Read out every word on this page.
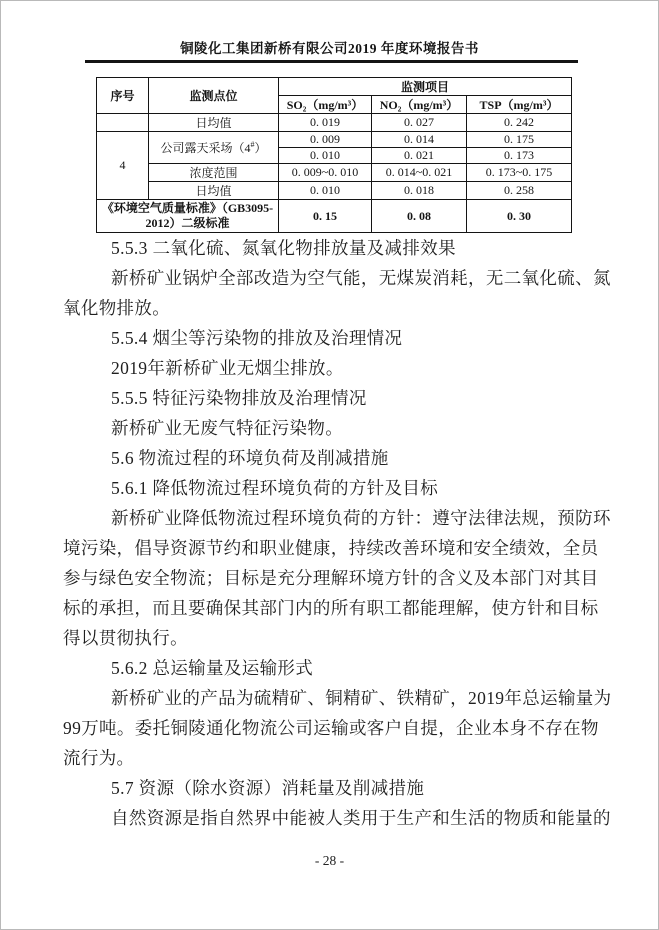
铜陵化工集团新桥有限公司2019 年度环境报告书
序号	监测点位	监测项目		
		SO₂（mg/m³）	NO₂（mg/m³）	TSP（mg/m³）
	日均值	0. 019	0. 027	0. 242
4	公司露天采场（4#）	0. 009	0. 014	0. 175
		0. 010	0. 021	0. 173
	浓度范围	0. 009~0. 010	0. 014~0. 021	0. 173~0. 175
	日均值	0. 010	0. 018	0. 258

《环境空气质量标准》（GB3095-
2012）二级标准		0. 15	0. 08	0. 30
5.5.3 二氧化硫、氮氧化物排放量及减排效果
新桥矿业锅炉全部改造为空气能，无煤炭消耗，无二氧化硫、氮
氧化物排放。
5.5.4 烟尘等污染物的排放及治理情况
2019年新桥矿业无烟尘排放。
5.5.5 特征污染物排放及治理情况
新桥矿业无废气特征污染物。
5.6 物流过程的环境负荷及削减措施
5.6.1 降低物流过程环境负荷的方针及目标
新桥矿业降低物流过程环境负荷的方针：遵守法律法规，预防环
境污染，倡导资源节约和职业健康，持续改善环境和安全绩效，全员
参与绿色安全物流；目标是充分理解环境方针的含义及本部门对其目
标的承担，而且要确保其部门内的所有职工都能理解，使方针和目标
得以贯彻执行。
5.6.2 总运输量及运输形式
新桥矿业的产品为硫精矿、铜精矿、铁精矿，2019年总运输量为
99万吨。委托铜陵通化物流公司运输或客户自提，企业本身不存在物
流行为。
5.7 资源（除水资源）消耗量及削减措施
自然资源是指自然界中能被人类用于生产和生活的物质和能量的
- 28 -
